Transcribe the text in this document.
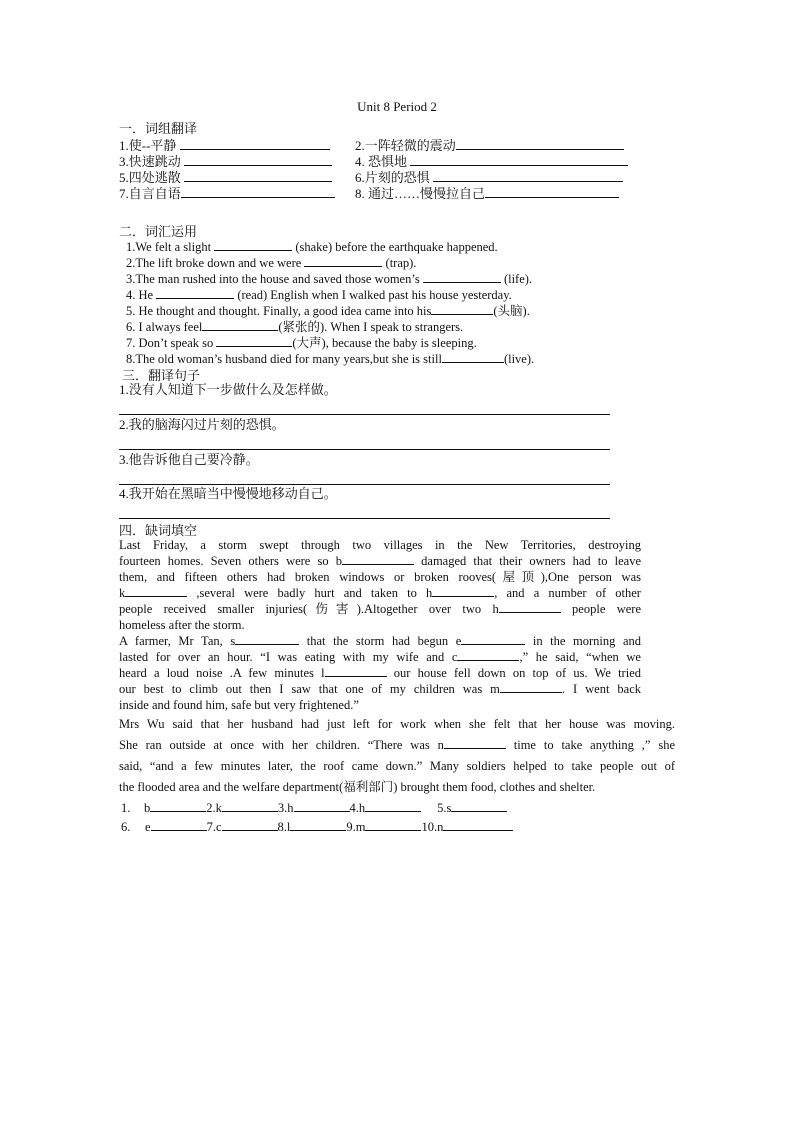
Unit 8 Period 2
一．词组翻译
1.使--平静	2.一阵轻微的震动
3.快速跳动	4. 恐惧地
5.四处逃散	6.片刻的恐惧
7.自言自语	8. 通过……慢慢拉自己
二．词汇运用
1.We felt a slight	(shake) before the earthquake happened.
2.The lift broke down and we were	(trap).
3.The man rushed into the house and saved those women’s	(life).
4. He	(read) English when I walked past his house yesterday.
5. He thought and thought. Finally, a good idea came into his	(头脑).
6. I always feel	(紧张的). When I speak to strangers.
7. Don’t speak so	(大声), because the baby is sleeping.
8.The old woman’s husband died for many years,but she is still	(live).
三．翻译句子
1.没有人知道下一步做什么及怎样做。
2.我的脑海闪过片刻的恐惧。
3.他告诉他自己要冷静。
4.我开始在黑暗当中慢慢地移动自己。
四．缺词填空
Last Friday, a storm swept through two villages in the New Territories, destroying
fourteen homes. Seven others were so b	damaged that their owners had to leave
them, and fifteen others had broken windows or broken rooves(屋顶),One person was
k	,several were badly hurt and taken to h	, and a number of other
people received smaller injuries(伤害).Altogether over two h	people were
homeless after the storm.
A farmer, Mr Tan, s	that the storm had begun e	in the morning and
lasted for over an hour. “I was eating with my wife and c	,” he said, “when we
heard a loud noise .A few minutes l	our house fell down on top of us. We tried
our best to climb out then I saw that one of my children was m	. I went back
inside and found him, safe but very frightened.”
Mrs Wu said that her husband had just left for work when she felt that her house was moving.
She ran outside at once with her children. “There was n	time to take anything ,” she
said, “and a few minutes later, the roof came down.” Many soldiers helped to take people out of
the flooded area and the welfare department(福利部门) brought them food, clothes and shelter.
1. b	2.k	3.h	4.h	5.s
6. e	7.c	8.l	9.m	10.n
